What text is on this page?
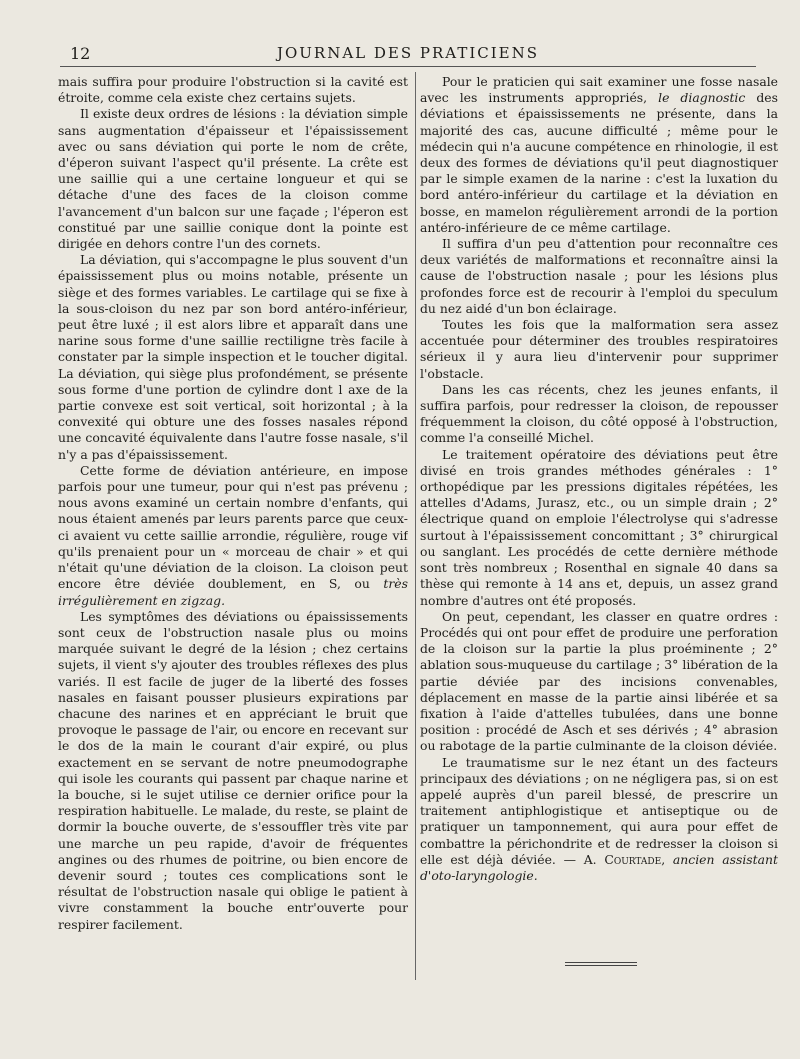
12	JOURNAL DES PRATICIENS

mais suffira pour produire l'obstruction si la cavité est étroite, comme cela existe chez certains sujets.

Il existe deux ordres de lésions : la déviation simple sans augmentation d'épaisseur et l'épaississement avec ou sans déviation qui porte le nom de crête, d'éperon suivant l'aspect qu'il présente. La crête est une saillie qui a une certaine longueur et qui se détache d'une des faces de la cloison comme l'avancement d'un balcon sur une façade ; l'éperon est constitué par une saillie conique dont la pointe est dirigée en dehors contre l'un des cornets.

La déviation, qui s'accompagne le plus souvent d'un épaississement plus ou moins notable, présente un siège et des formes variables. Le cartilage qui se fixe à la sous-cloison du nez par son bord antéro-inférieur, peut être luxé ; il est alors libre et apparaît dans une narine sous forme d'une saillie rectiligne très facile à constater par la simple inspection et le toucher digital. La déviation, qui siège plus profondément, se présente sous forme d'une portion de cylindre dont l axe de la partie convexe est soit vertical, soit horizontal ; à la convexité qui obture une des fosses nasales répond une concavité équivalente dans l'autre fosse nasale, s'il n'y a pas d'épaississement.

Cette forme de déviation antérieure, en impose parfois pour une tumeur, pour qui n'est pas prévenu ; nous avons examiné un certain nombre d'enfants, qui nous étaient amenés par leurs parents parce que ceux-ci avaient vu cette saillie arrondie, régulière, rouge vif qu'ils prenaient pour un « morceau de chair » et qui n'était qu'une déviation de la cloison. La cloison peut encore être déviée doublement, en S, ou très irrégulièrement en zigzag.

Les symptômes des déviations ou épaississements sont ceux de l'obstruction nasale plus ou moins marquée suivant le degré de la lésion ; chez certains sujets, il vient s'y ajouter des troubles réflexes des plus variés. Il est facile de juger de la liberté des fosses nasales en faisant pousser plusieurs expirations par chacune des narines et en appréciant le bruit que provoque le passage de l'air, ou encore en recevant sur le dos de la main le courant d'air expiré, ou plus exactement en se servant de notre pneumodographe qui isole les courants qui passent par chaque narine et la bouche, si le sujet utilise ce dernier orifice pour la respiration habituelle. Le malade, du reste, se plaint de dormir la bouche ouverte, de s'essouffler très vite par une marche un peu rapide, d'avoir de fréquentes angines ou des rhumes de poitrine, ou bien encore de devenir sourd ; toutes ces complications sont le résultat de l'obstruction nasale qui oblige le patient à vivre constamment la bouche entr'ouverte pour respirer facilement.

Pour le praticien qui sait examiner une fosse nasale avec les instruments appropriés, le diagnostic des déviations et épaississements ne présente, dans la majorité des cas, aucune difficulté ; même pour le médecin qui n'a aucune compétence en rhinologie, il est deux des formes de déviations qu'il peut diagnostiquer par le simple examen de la narine : c'est la luxation du bord antéro-inférieur du cartilage et la déviation en bosse, en mamelon régulièrement arrondi de la portion antéro-inférieure de ce même cartilage.

Il suffira d'un peu d'attention pour reconnaître ces deux variétés de malformations et reconnaître ainsi la cause de l'obstruction nasale ; pour les lésions plus profondes force est de recourir à l'emploi du speculum du nez aidé d'un bon éclairage.

Toutes les fois que la malformation sera assez accentuée pour déterminer des troubles respiratoires sérieux il y aura lieu d'intervenir pour supprimer l'obstacle.

Dans les cas récents, chez les jeunes enfants, il suffira parfois, pour redresser la cloison, de repousser fréquemment la cloison, du côté opposé à l'obstruction, comme l'a conseillé Michel.

Le traitement opératoire des déviations peut être divisé en trois grandes méthodes générales : 1° orthopédique par les pressions digitales répétées, les attelles d'Adams, Jurasz, etc., ou un simple drain ; 2° électrique quand on emploie l'électrolyse qui s'adresse surtout à l'épaississement concomittant ; 3° chirurgical ou sanglant. Les procédés de cette dernière méthode sont très nombreux ; Rosenthal en signale 40 dans sa thèse qui remonte à 14 ans et, depuis, un assez grand nombre d'autres ont été proposés.

On peut, cependant, les classer en quatre ordres : Procédés qui ont pour effet de produire une perforation de la cloison sur la partie la plus proéminente ; 2° ablation sous-muqueuse du cartilage ; 3° libération de la partie déviée par des incisions convenables, déplacement en masse de la partie ainsi libérée et sa fixation à l'aide d'attelles tubulées, dans une bonne position : procédé de Asch et ses dérivés ; 4° abrasion ou rabotage de la partie culminante de la cloison déviée.

Le traumatisme sur le nez étant un des facteurs principaux des déviations ; on ne négligera pas, si on est appelé auprès d'un pareil blessé, de prescrire un traitement antiphlogistique et antiseptique ou de pratiquer un tamponnement, qui aura pour effet de combattre la périchondrite et de redresser la cloison si elle est déjà déviée. — A. Courtade, ancien assistant d'oto-laryngologie.
